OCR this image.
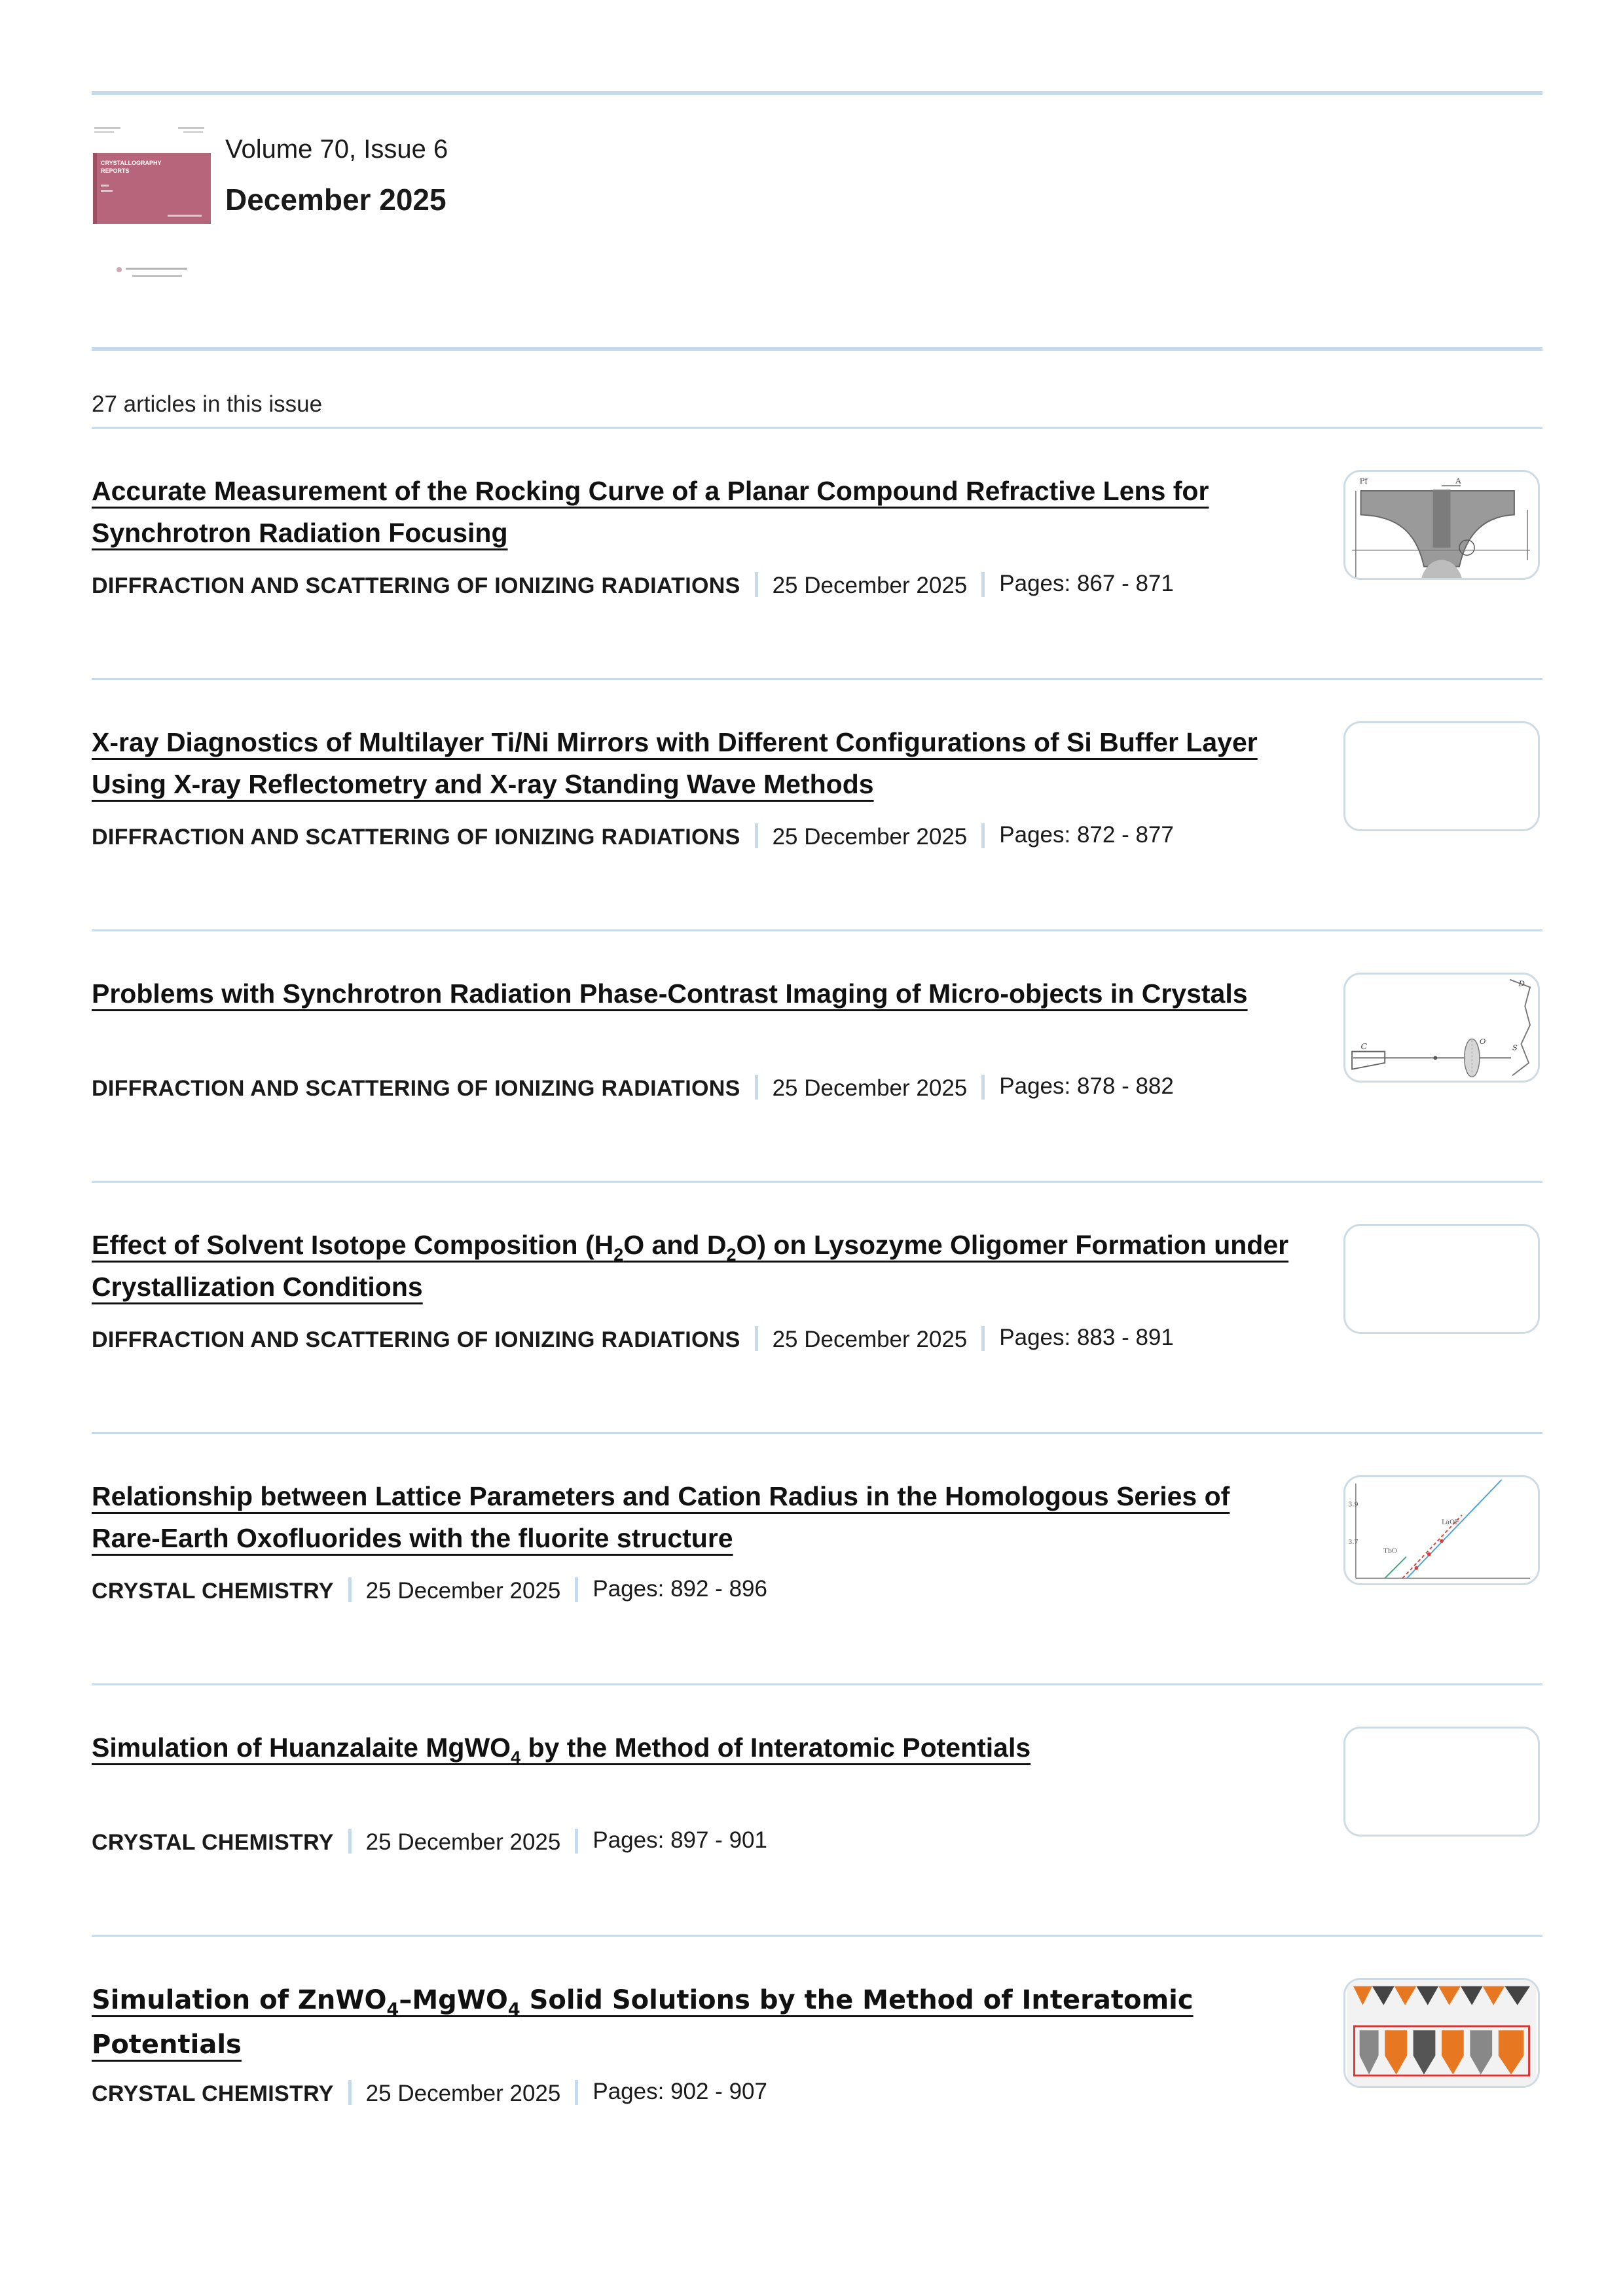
CRYSTALLOGRAPHY
REPORTS
Volume 70, Issue 6
December 2025
27 articles in this issue
Accurate Measurement of the Rocking Curve of a Planar Compound Refractive Lens for Synchrotron Radiation Focusing
DIFFRACTION AND SCATTERING OF IONIZING RADIATIONS 25 December 2025 Pages: 867 - 871
Pf	A
X-ray Diagnostics of Multilayer Ti/Ni Mirrors with Different Configurations of Si Buffer Layer Using X-ray Reflectometry and X-ray Standing Wave Methods
DIFFRACTION AND SCATTERING OF IONIZING RADIATIONS 25 December 2025 Pages: 872 - 877
Problems with Synchrotron Radiation Phase-Contrast Imaging of Micro-objects in Crystals
DIFFRACTION AND SCATTERING OF IONIZING RADIATIONS 25 December 2025 Pages: 878 - 882
C
D
O
S
Effect of Solvent Isotope Composition ($H_2O$ and $D_2O$) on Lysozyme Oligomer Formation under Crystallization Conditions
DIFFRACTION AND SCATTERING OF IONIZING RADIATIONS 25 December 2025 Pages: 883 - 891
Relationship between Lattice Parameters and Cation Radius in the Homologous Series of Rare-Earth Oxofluorides with the fluorite structure
CRYSTAL CHEMISTRY 25 December 2025 Pages: 892 - 896
3.9
3.7
TbO
LaOF
Simulation of Huanzalaite MgWO$_4$ by the Method of Interatomic Potentials
CRYSTAL CHEMISTRY 25 December 2025 Pages: 897 - 901
Simulation of ZnWO$_4$–MgWO$_4$ Solid Solutions by the Method of Interatomic Potentials
CRYSTAL CHEMISTRY 25 December 2025 Pages: 902 - 907
